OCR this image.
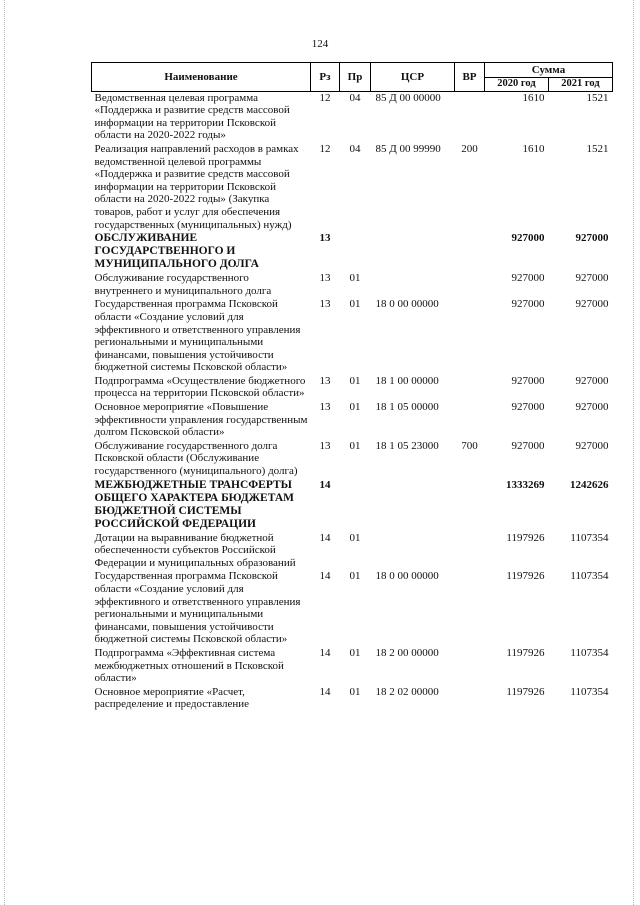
124
Наименование	Рз	Пр	ЦСР	ВР	Сумма	
					2020 год	2021 год
Ведомственная целевая программа «Поддержка и развитие средств массовой информации на территории Псковской области на 2020-2022 годы»	12	04	85 Д 00 00000		1610	1521
Реализация направлений расходов в рамках ведомственной целевой программы «Поддержка и развитие средств массовой информации на территории Псковской области на 2020-2022 годы» (Закупка товаров, работ и услуг для обеспечения государственных (муниципальных) нужд)	12	04	85 Д 00 99990	200	1610	1521
ОБСЛУЖИВАНИЕ ГОСУДАРСТВЕННОГО И МУНИЦИПАЛЬНОГО ДОЛГА	13				927000	927000
Обслуживание государственного внутреннего и муниципального долга	13	01			927000	927000
Государственная программа Псковской области «Создание условий для эффективного и ответственного управления региональными и муниципальными финансами, повышения устойчивости бюджетной системы Псковской области»	13	01	18 0 00 00000		927000	927000
Подпрограмма «Осуществление бюджетного процесса на территории Псковской области»	13	01	18 1 00 00000		927000	927000
Основное мероприятие «Повышение эффективности управления государственным долгом Псковской области»	13	01	18 1 05 00000		927000	927000
Обслуживание государственного долга Псковской области (Обслуживание государственного (муниципального) долга)	13	01	18 1 05 23000	700	927000	927000
МЕЖБЮДЖЕТНЫЕ ТРАНСФЕРТЫ ОБЩЕГО ХАРАКТЕРА БЮДЖЕТАМ БЮДЖЕТНОЙ СИСТЕМЫ РОССИЙСКОЙ ФЕДЕРАЦИИ	14				1333269	1242626
Дотации на выравнивание бюджетной обеспеченности субъектов Российской Федерации и муниципальных образований	14	01			1197926	1107354
Государственная программа Псковской области «Создание условий для эффективного и ответственного управления региональными и муниципальными финансами, повышения устойчивости бюджетной системы Псковской области»	14	01	18 0 00 00000		1197926	1107354
Подпрограмма «Эффективная система межбюджетных отношений в Псковской области»	14	01	18 2 00 00000		1197926	1107354
Основное мероприятие «Расчет, распределение и предоставление	14	01	18 2 02 00000		1197926	1107354
